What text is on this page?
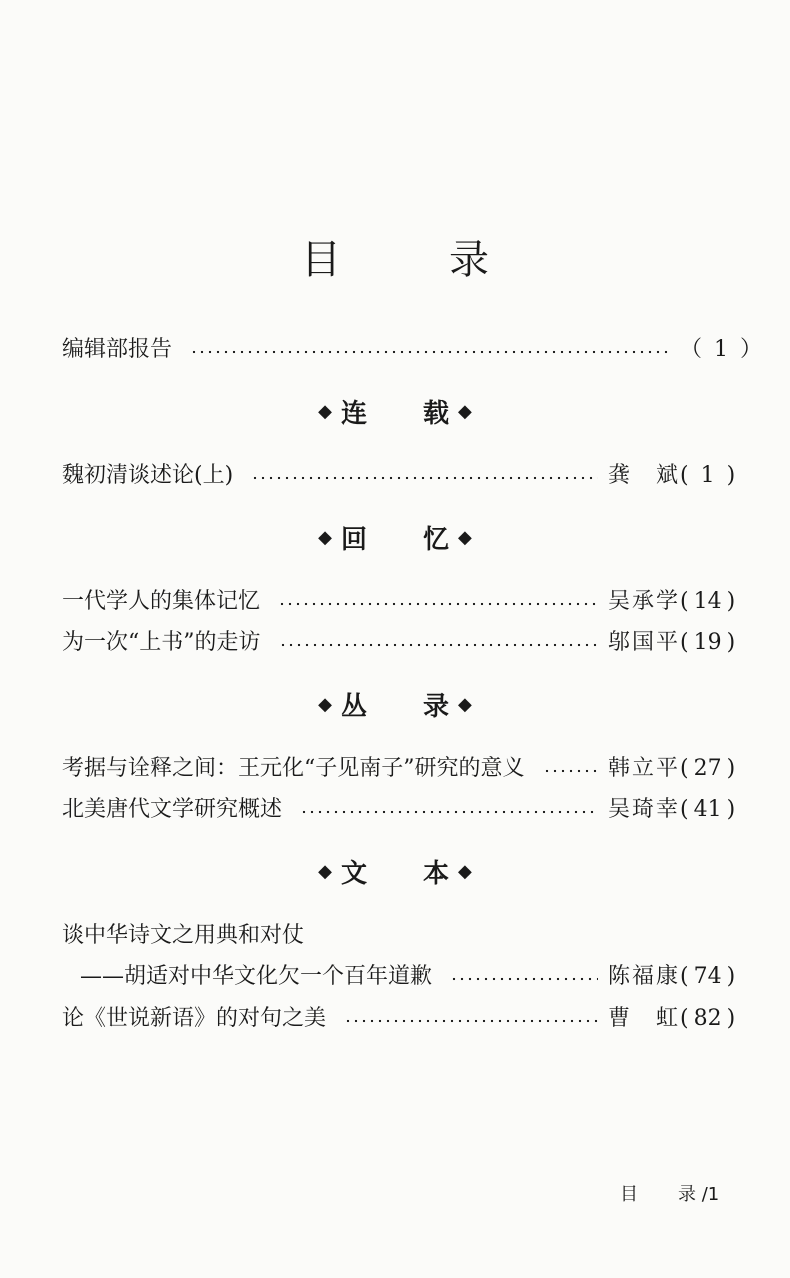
目	录
编辑部报告	（ 1 ）
◆ 连 载 ◆
魏初清谈述论(上)	龚　斌 ( 1 )
◆ 回 忆 ◆
一代学人的集体记忆	吴承学 ( 14 )
为一次“上书”的走访	邬国平 ( 19 )
◆ 丛 录 ◆
考据与诠释之间：王元化“子见南子”研究的意义	韩立平 ( 27 )
北美唐代文学研究概述	吴琦幸 ( 41 )
◆ 文 本 ◆
谈中华诗文之用典和对仗
——胡适对中华文化欠一个百年道歉	陈福康 ( 74 )
论《世说新语》的对句之美	曹　虹 ( 82 )
目 录 /1
